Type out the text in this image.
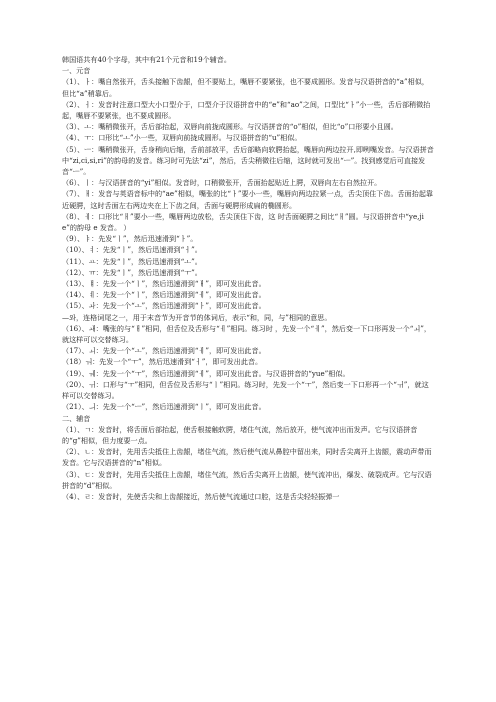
韩国语共有40个字母，其中有21个元音和19个辅音。

一、元音

（1）、ㅏ：嘴自然张开，舌头接触下齿龈，但不要贴上，嘴唇不要紧张，也不要成圆形。发音与汉语拼音的“a”相似，但比“a”稍靠后。

（2）、ㅓ：发音时注意口型大小口型介于，口型介于汉语拼音中的“e”和“ao”之间，口型比“ㅏ”小一些，舌后部稍微抬起，嘴唇不要紧张，也不要成圆形。

（3）、ㅗ：嘴稍微张开，舌后部抬起，双唇向前拢成圆形。与汉语拼音的“o”相似，但比“o”口形要小且圆。

（4）、ㅜ：口形比“ㅗ”小一些，双唇向前拢成圆形。与汉语拼音的“u”相似。

（5）、ㅡ：嘴稍微张开，舌身稍向后缩，舌前部放平，舌后部略向软腭抬起，嘴唇向两边拉开,即咧嘴发音。与汉语拼音中“zi,ci,si,ri”的韵母的发音。练习时可先法“zi”，然后，舌尖稍微往后缩，这时就可发出“ㅡ”。找到感觉后可直接发音“ㅡ”。

（6）、ㅣ：与汉语拼音的“yi”相似。发音时，口稍微张开，舌面抬起贴近上腭，双唇向左右自然拉开。

（7）、ㅐ：发音与英语音标中的“ae”相似，嘴张的比“ㅏ”要小一些，嘴唇向两边拉紧一点，舌尖顶住下齿。舌面抬起靠近硬腭，这时舌面左右两边夹在上下齿之间，舌面与硬腭形成扁的椭圆形。

（8）、ㅔ：口形比“ㅐ”要小一些，嘴唇两边放松，舌尖顶住下齿，这 时舌面硬腭之间比“ㅐ”圆。与汉语拼音中“ye,jie”的韵母 e 发音。 ）

（9）、ㅑ：先发“ㅣ”，然后迅速滑到“ㅏ”。

（10）、ㅕ：先发“ㅣ”，然后迅速滑到“ㅓ”。

（11）、ㅛ：先发“ㅣ”，然后迅速滑到“ㅗ”。

（12）、ㅠ：先发“ㅣ”，然后迅速滑到“ㅜ”。

（13）、ㅒ：先发一个“ㅣ”，然后迅速滑到“ㅐ”，即可发出此音。

（14）、ㅖ：先发一个“ㅣ”，然后迅速滑到“ㅔ”，即可发出此音。

（15）、ㅘ：先发一个“ㅗ”，然后迅速滑到“ㅏ”，即可发出此音。

—와，连格词尾之一，用于末音节为开音节的体词后，表示“和，同，与”相同的意思。

（16）、ㅙ：嘴张的与“ㅐ”相同，但舌位及舌形与“ㅔ”相同。练习时 ，先发一个“ㅔ”，然后变一下口形再发一个“ㅚ”，就这样可以交替练习。

（17）、ㅚ：先发一个“ㅗ”，然后迅速滑到“ㅔ”，即可发出此音。

（18）ㅝ：先发一个“ㅜ”，然后迅速滑到“ㅓ”，即可发出此音。

（19）、ㅞ：先发一个“ㅜ”，然后迅速滑到“ㅔ”，即可发出此音。与汉语拼音的“yue”相似。

（20）、ㅟ：口形与“ㅜ”相同，但舌位及舌形与“ㅣ”相同。练习时，先发一个“ㅜ”，然后变一下口形再一个“ㅟ”，就这样可以交替练习。

（21）、ㅢ：先发一个“ㅡ”，然后迅速滑到“ㅣ”，即可发出此音。

二、辅音

（1）、ㄱ：发音时，将舌面后部抬起，使舌根接触软腭，堵住气流，然后放开，使气流冲出而发声。它与汉语拼音的“g”相似，但力度要一点。

（2）、ㄴ：发音时，先用舌尖抵住上齿龈，堵住气流，然后使气流从鼻腔中留出来，同时舌尖离开上齿龈，震动声带而发音。它与汉语拼音的“n”相似。

（3）、ㄷ：发音时，先用舌尖抵住上齿龈，堵住气流，然后舌尖离开上齿龈，使气流冲出，爆发、破裂成声。它与汉语拼音的“d”相似。

（4）、ㄹ：发音时，先使舌尖和上齿龈接近，然后使气流通过口腔，这是舌尖轻轻振弹一
